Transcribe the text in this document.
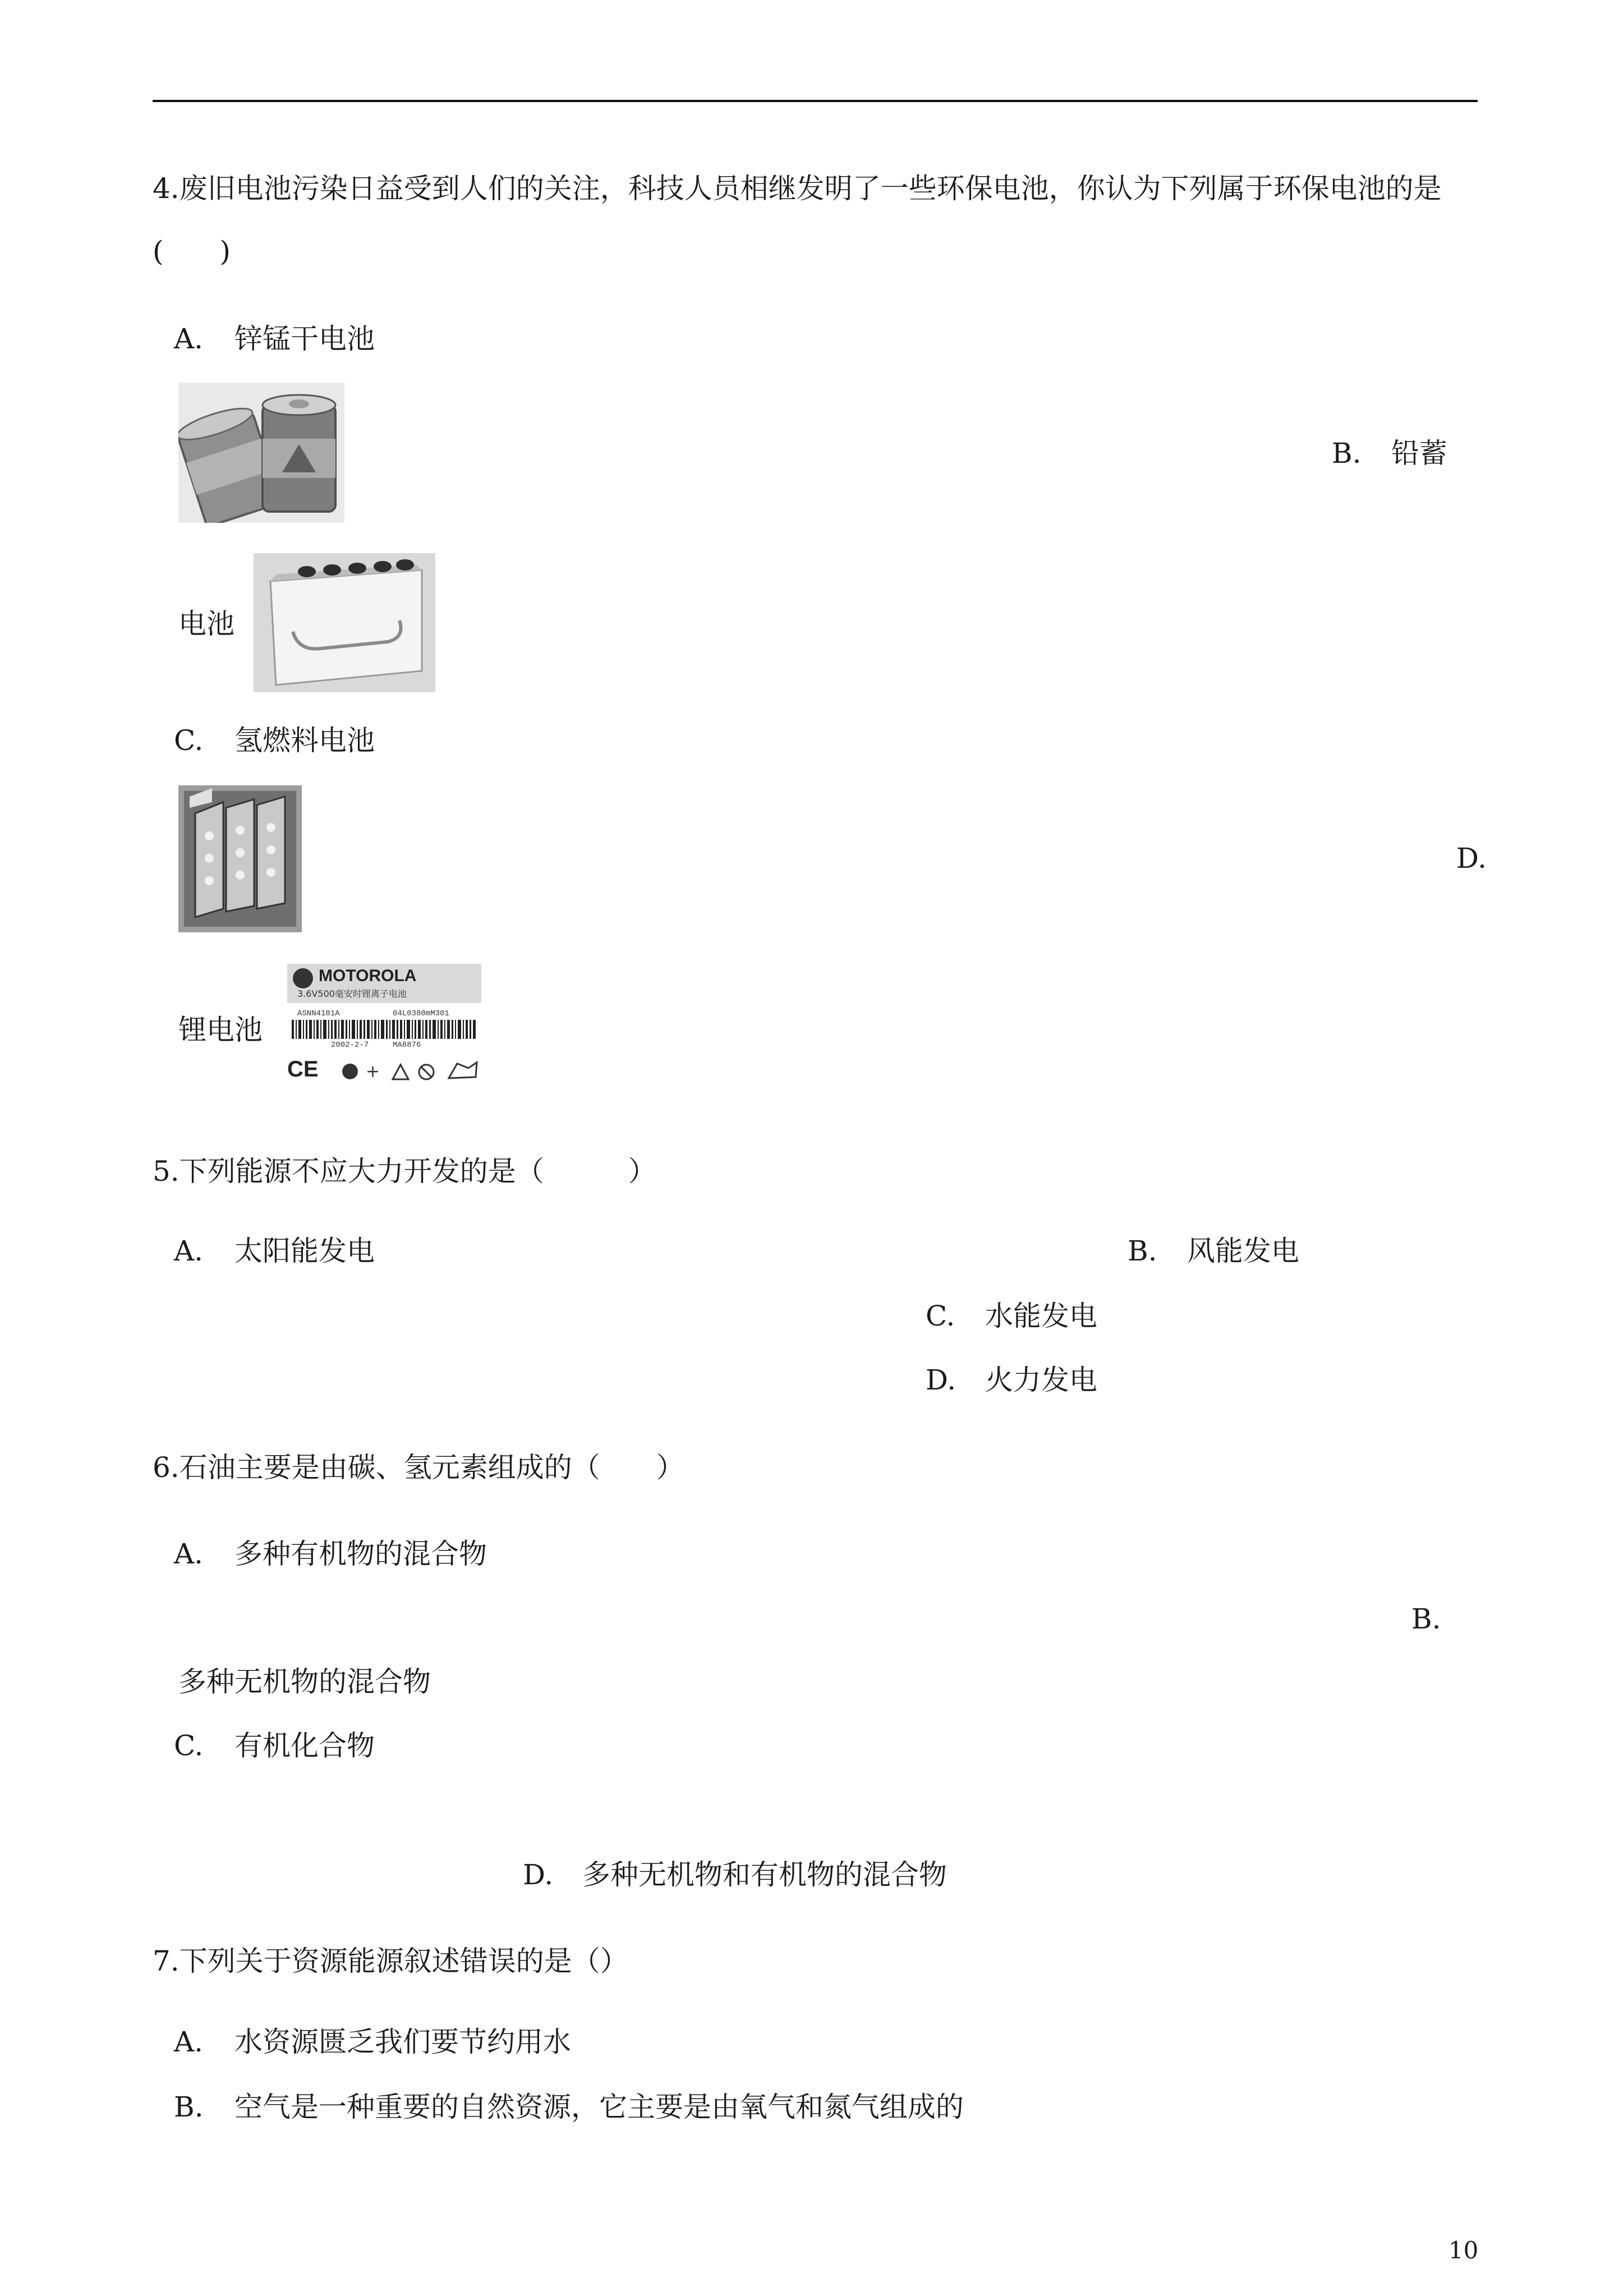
4.废旧电池污染日益受到人们的关注，科技人员相继发明了一些环保电池，你认为下列属于环保电池的是
(　　)
A. 锌锰干电池
B. 铅蓄
电池
C. 氢燃料电池
D.
锂电池
MOTOROLA
3.6V500毫安时锂离子电池
ASNN4181A	04L0380mM301
2002-2-7	MA8876
CE	+
5.下列能源不应大力开发的是（　　　）
A. 太阳能发电	B. 风能发电
C. 水能发电
D. 火力发电
6.石油主要是由碳、氢元素组成的（　　）
A. 多种有机物的混合物
B.
多种无机物的混合物
C. 有机化合物
D. 多种无机物和有机物的混合物
7.下列关于资源能源叙述错误的是（）
A. 水资源匮乏我们要节约用水
B. 空气是一种重要的自然资源，它主要是由氧气和氮气组成的
10
